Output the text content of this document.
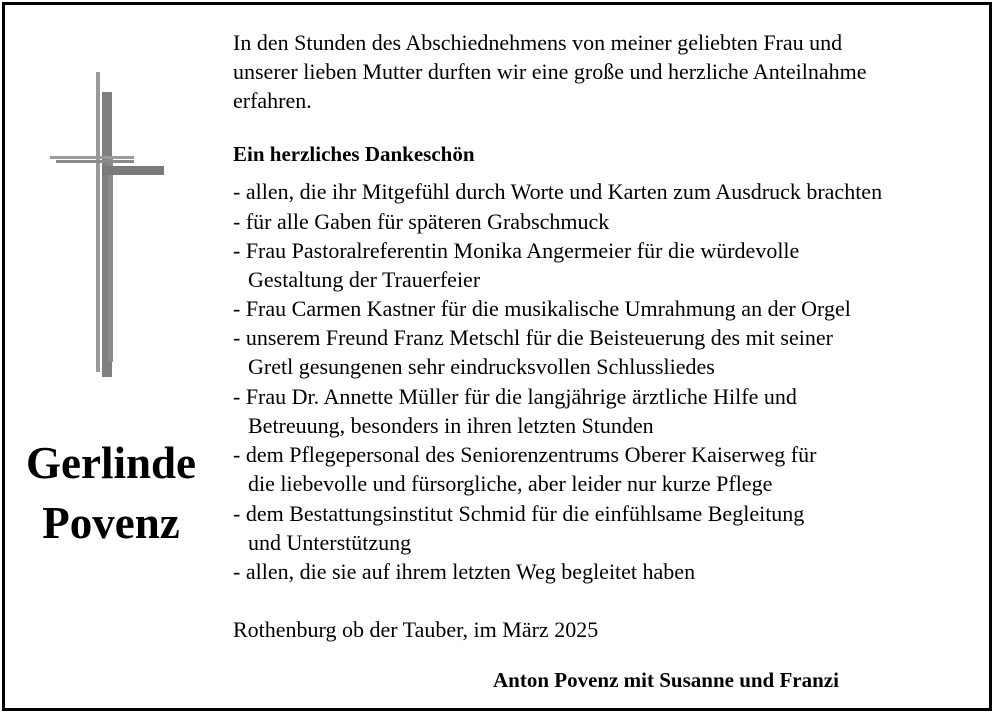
Gerlinde
Povenz
In den Stunden des Abschiednehmens von meiner geliebten Frau und
unserer lieben Mutter durften wir eine große und herzliche Anteilnahme
erfahren.
Ein herzliches Dankeschön
- allen, die ihr Mitgefühl durch Worte und Karten zum Ausdruck brachten
- für alle Gaben für späteren Grabschmuck
- Frau Pastoralreferentin Monika Angermeier für die würdevolle
Gestaltung der Trauerfeier
- Frau Carmen Kastner für die musikalische Umrahmung an der Orgel
- unserem Freund Franz Metschl für die Beisteuerung des mit seiner
Gretl gesungenen sehr eindrucksvollen Schlussliedes
- Frau Dr. Annette Müller für die langjährige ärztliche Hilfe und
Betreuung, besonders in ihren letzten Stunden
- dem Pflegepersonal des Seniorenzentrums Oberer Kaiserweg für
die liebevolle und fürsorgliche, aber leider nur kurze Pflege
- dem Bestattungsinstitut Schmid für die einfühlsame Begleitung
und Unterstützung
- allen, die sie auf ihrem letzten Weg begleitet haben
Rothenburg ob der Tauber, im März 2025
Anton Povenz mit Susanne und Franzi
